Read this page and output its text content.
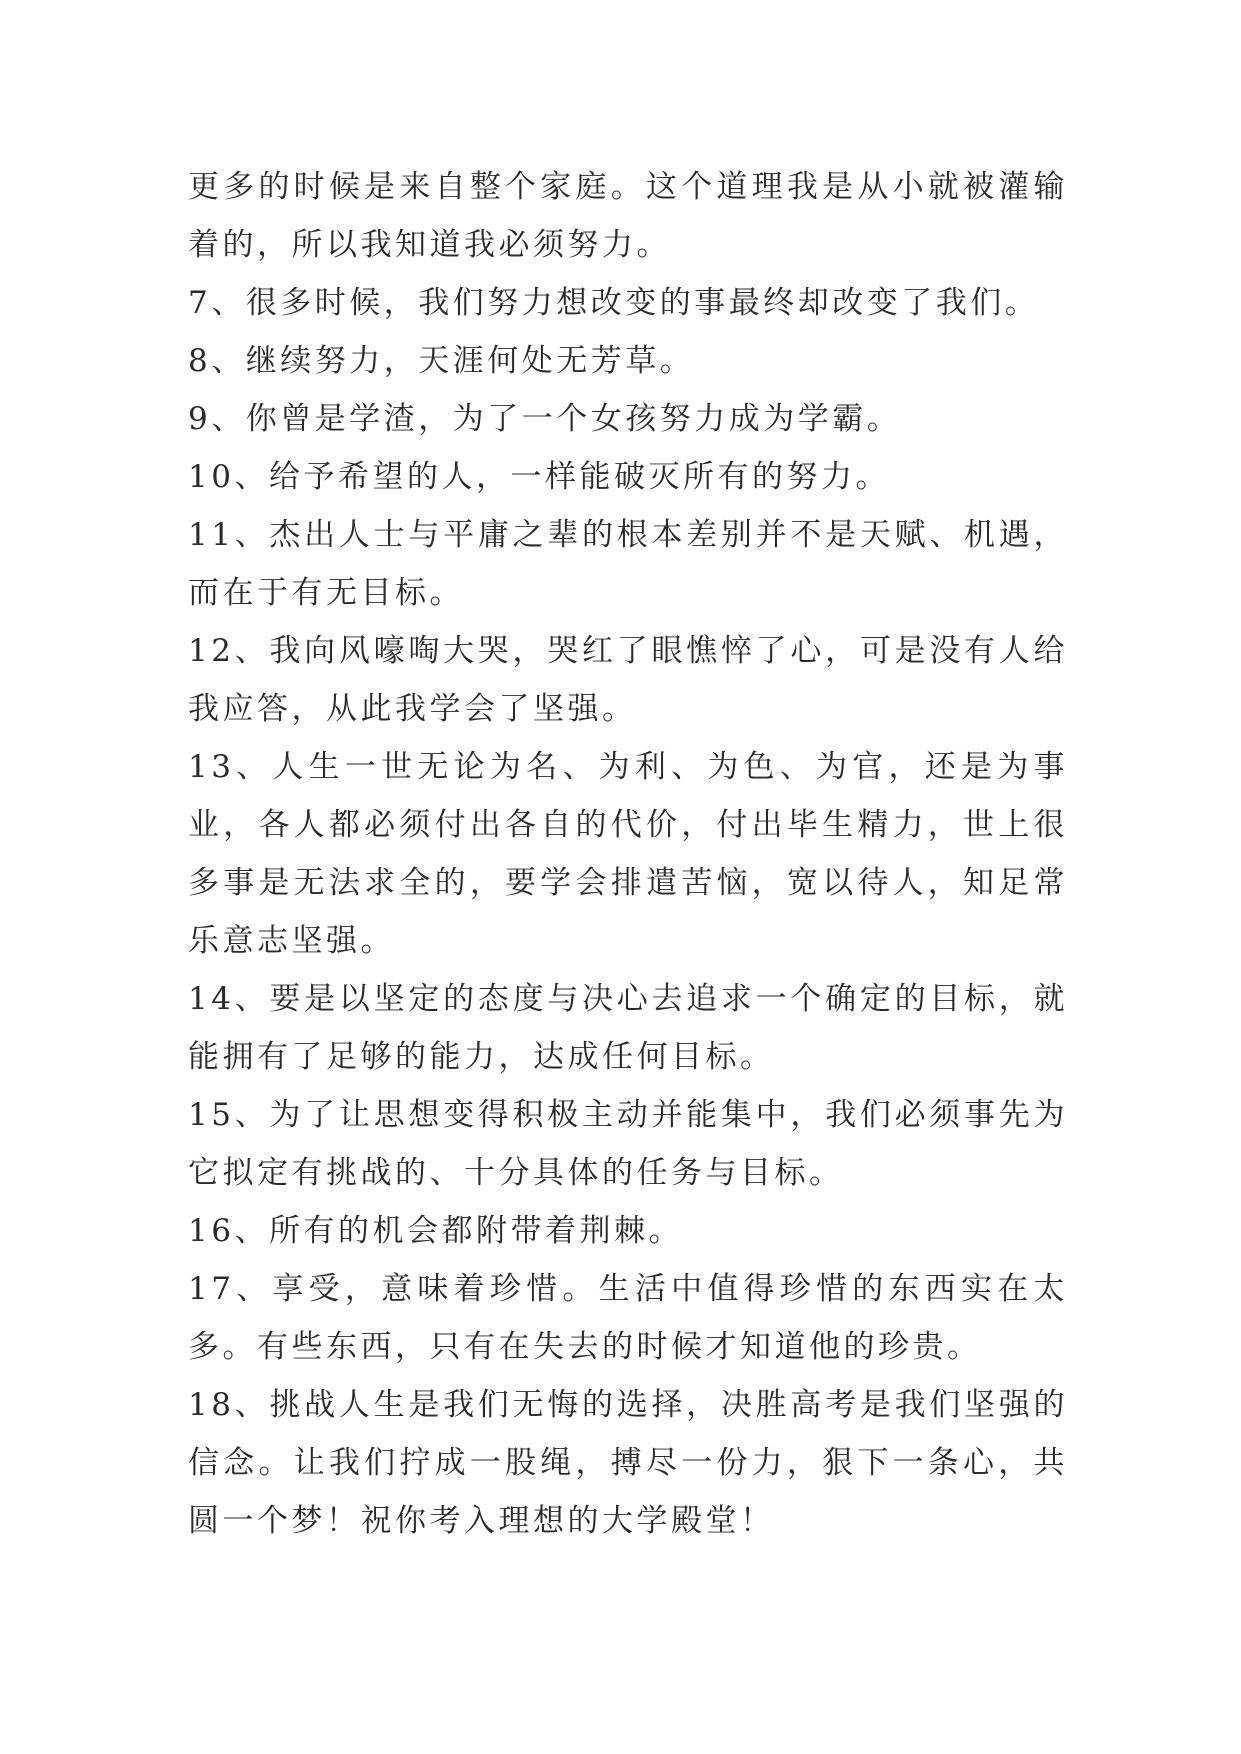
更多的时候是来自整个家庭。这个道理我是从小就被灌输着的，所以我知道我必须努力。

7、很多时候，我们努力想改变的事最终却改变了我们。

8、继续努力，天涯何处无芳草。

9、你曾是学渣，为了一个女孩努力成为学霸。

10、给予希望的人，一样能破灭所有的努力。

11、杰出人士与平庸之辈的根本差别并不是天赋、机遇，而在于有无目标。

12、我向风嚎啕大哭，哭红了眼憔悴了心，可是没有人给我应答，从此我学会了坚强。

13、人生一世无论为名、为利、为色、为官，还是为事业，各人都必须付出各自的代价，付出毕生精力，世上很多事是无法求全的，要学会排遣苦恼，宽以待人，知足常乐意志坚强。

14、要是以坚定的态度与决心去追求一个确定的目标，就能拥有了足够的能力，达成任何目标。

15、为了让思想变得积极主动并能集中，我们必须事先为它拟定有挑战的、十分具体的任务与目标。

16、所有的机会都附带着荆棘。

17、享受，意味着珍惜。生活中值得珍惜的东西实在太多。有些东西，只有在失去的时候才知道他的珍贵。

18、挑战人生是我们无悔的选择，决胜高考是我们坚强的信念。让我们拧成一股绳，搏尽一份力，狠下一条心，共圆一个梦！祝你考入理想的大学殿堂！
